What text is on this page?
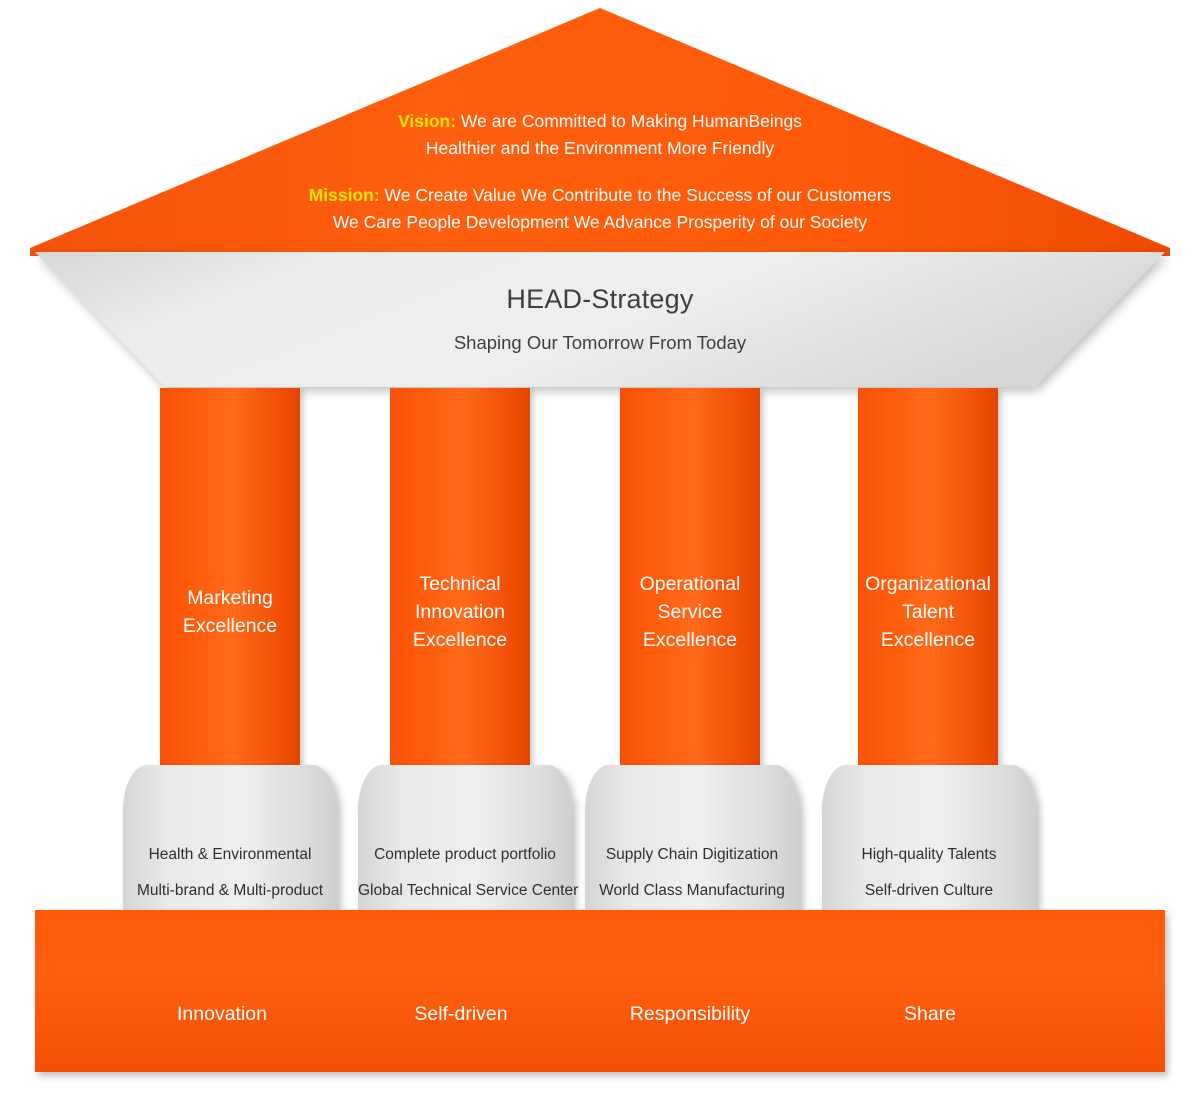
Vision: We are Committed to Making HumanBeings
Healthier and the Environment More Friendly
Mission: We Create Value We Contribute to the Success of our Customers
We Care People Development We Advance Prosperity of our Society
HEAD-Strategy
Shaping Our Tomorrow From Today
Marketing
Excellence
Technical
Innovation
Excellence
Operational
Service
Excellence
Organizational
Talent
Excellence
Health & Environmental
Multi-brand & Multi-product
Complete product portfolio
Global Technical Service Center
Supply Chain Digitization
World Class Manufacturing
High-quality Talents
Self-driven Culture
Innovation	Self-driven	Responsibility	Share
